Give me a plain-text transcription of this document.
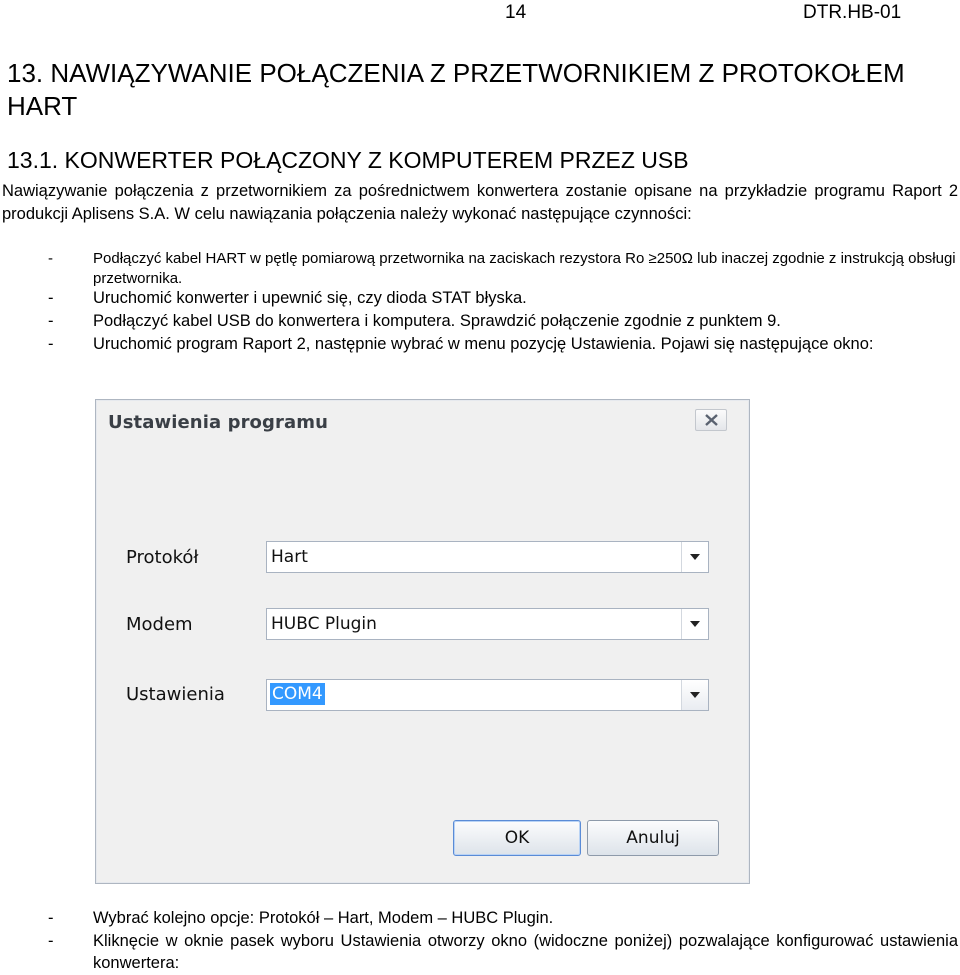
14	DTR.HB-01
13. NAWIĄZYWANIE POŁĄCZENIA Z PRZETWORNIKIEM Z PROTOKOŁEM HART
13.1. KONWERTER POŁĄCZONY Z KOMPUTEREM PRZEZ USB

Nawiązywanie połączenia z przetwornikiem za pośrednictwem konwertera zostanie opisane na przykładzie programu Raport 2 produkcji Aplisens S.A. W celu nawiązania połączenia należy wykonać następujące czynności:

-	Podłączyć kabel HART w pętlę pomiarową przetwornika na zaciskach rezystora Ro ≥250Ω lub inaczej zgodnie z instrukcją obsługi przetwornika.
- Uruchomić konwerter i upewnić się, czy dioda STAT błyska.
- Podłączyć kabel USB do konwertera i komputera. Sprawdzić połączenie zgodnie z punktem 9.
- Uruchomić program Raport 2, następnie wybrać w menu pozycję Ustawienia. Pojawi się następujące okno:
Ustawienia programu
Protokół	Hart
Modem	HUBC Plugin
Ustawienia	COM4
OK	Anuluj
- Wybrać kolejno opcje: Protokół – Hart, Modem – HUBC Plugin.
- Kliknęcie w oknie pasek wyboru Ustawienia otworzy okno (widoczne poniżej) pozwalające konfigurować ustawienia konwertera:
